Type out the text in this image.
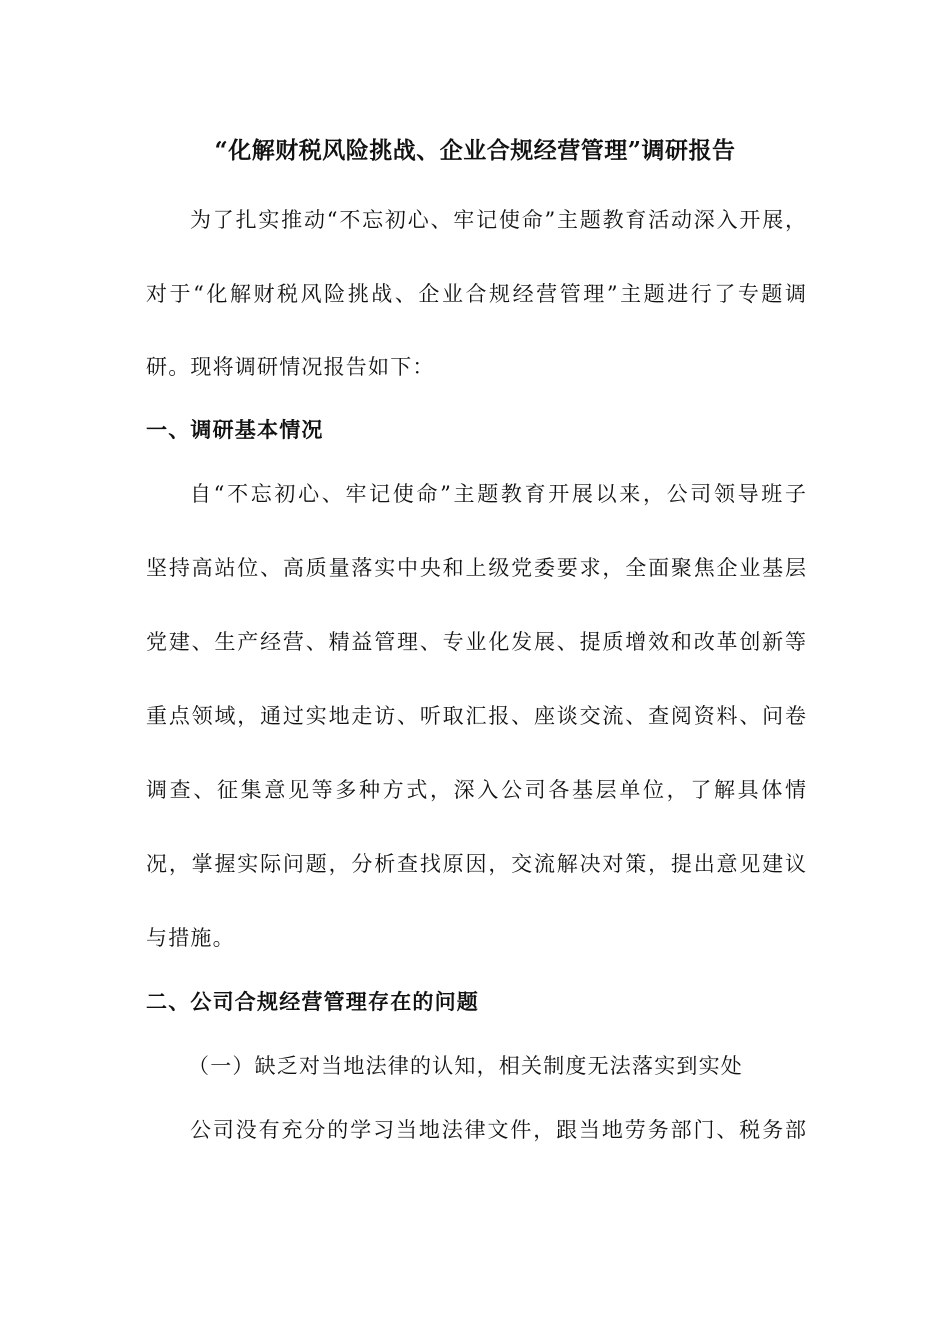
“化解财税风险挑战、企业合规经营管理”调研报告
为了扎实推动“不忘初心、牢记使命”主题教育活动深入开展，
对于“化解财税风险挑战、企业合规经营管理”主题进行了专题调
研。现将调研情况报告如下：
一、调研基本情况
自“不忘初心、牢记使命”主题教育开展以来，公司领导班子
坚持高站位、高质量落实中央和上级党委要求，全面聚焦企业基层
党建、生产经营、精益管理、专业化发展、提质增效和改革创新等
重点领域，通过实地走访、听取汇报、座谈交流、查阅资料、问卷
调查、征集意见等多种方式，深入公司各基层单位，了解具体情
况，掌握实际问题，分析查找原因，交流解决对策，提出意见建议
与措施。
二、公司合规经营管理存在的问题
（一）缺乏对当地法律的认知，相关制度无法落实到实处
公司没有充分的学习当地法律文件，跟当地劳务部门、税务部
